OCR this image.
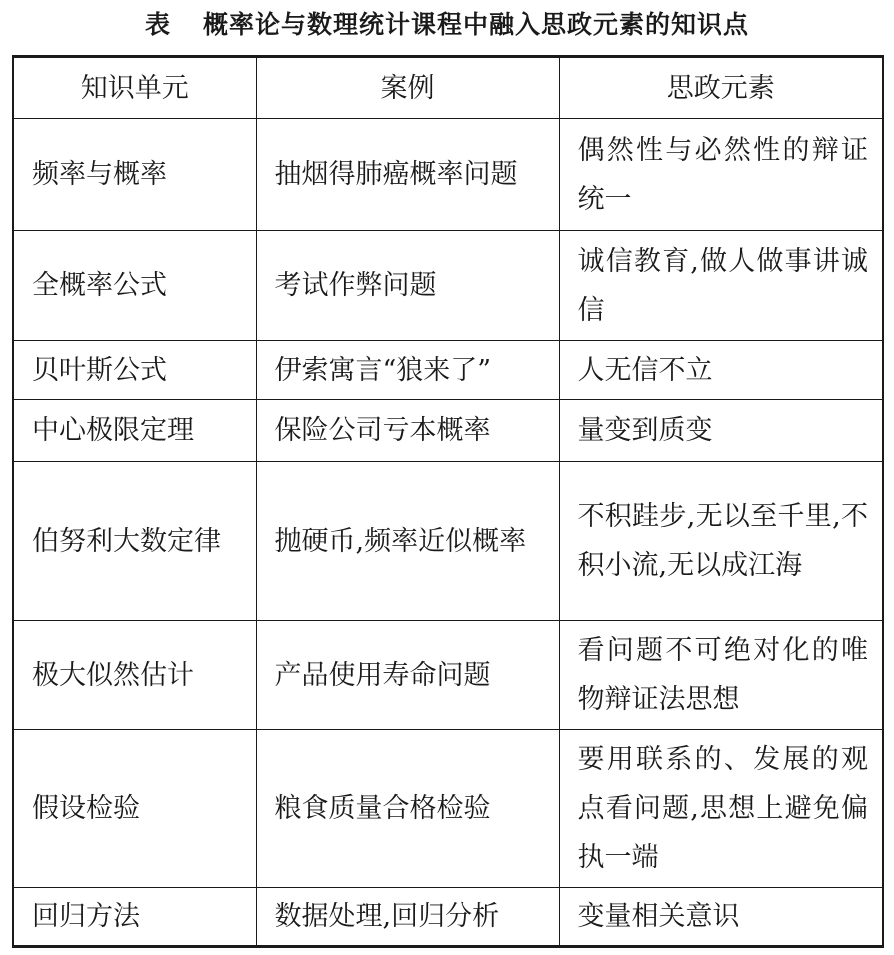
表 概率论与数理统计课程中融入思政元素的知识点
知识单元	案例	思政元素
频率与概率	抽烟得肺癌概率问题	偶然性与必然性的辩证统一
全概率公式	考试作弊问题	诚信教育,做人做事讲诚信
贝叶斯公式	伊索寓言“狼来了”	人无信不立
中心极限定理	保险公司亏本概率	量变到质变
伯努利大数定律	抛硬币,频率近似概率	不积跬步,无以至千里,不积小流,无以成江海
极大似然估计	产品使用寿命问题	看问题不可绝对化的唯物辩证法思想
假设检验	粮食质量合格检验	要用联系的、发展的观点看问题,思想上避免偏执一端
回归方法	数据处理,回归分析	变量相关意识
